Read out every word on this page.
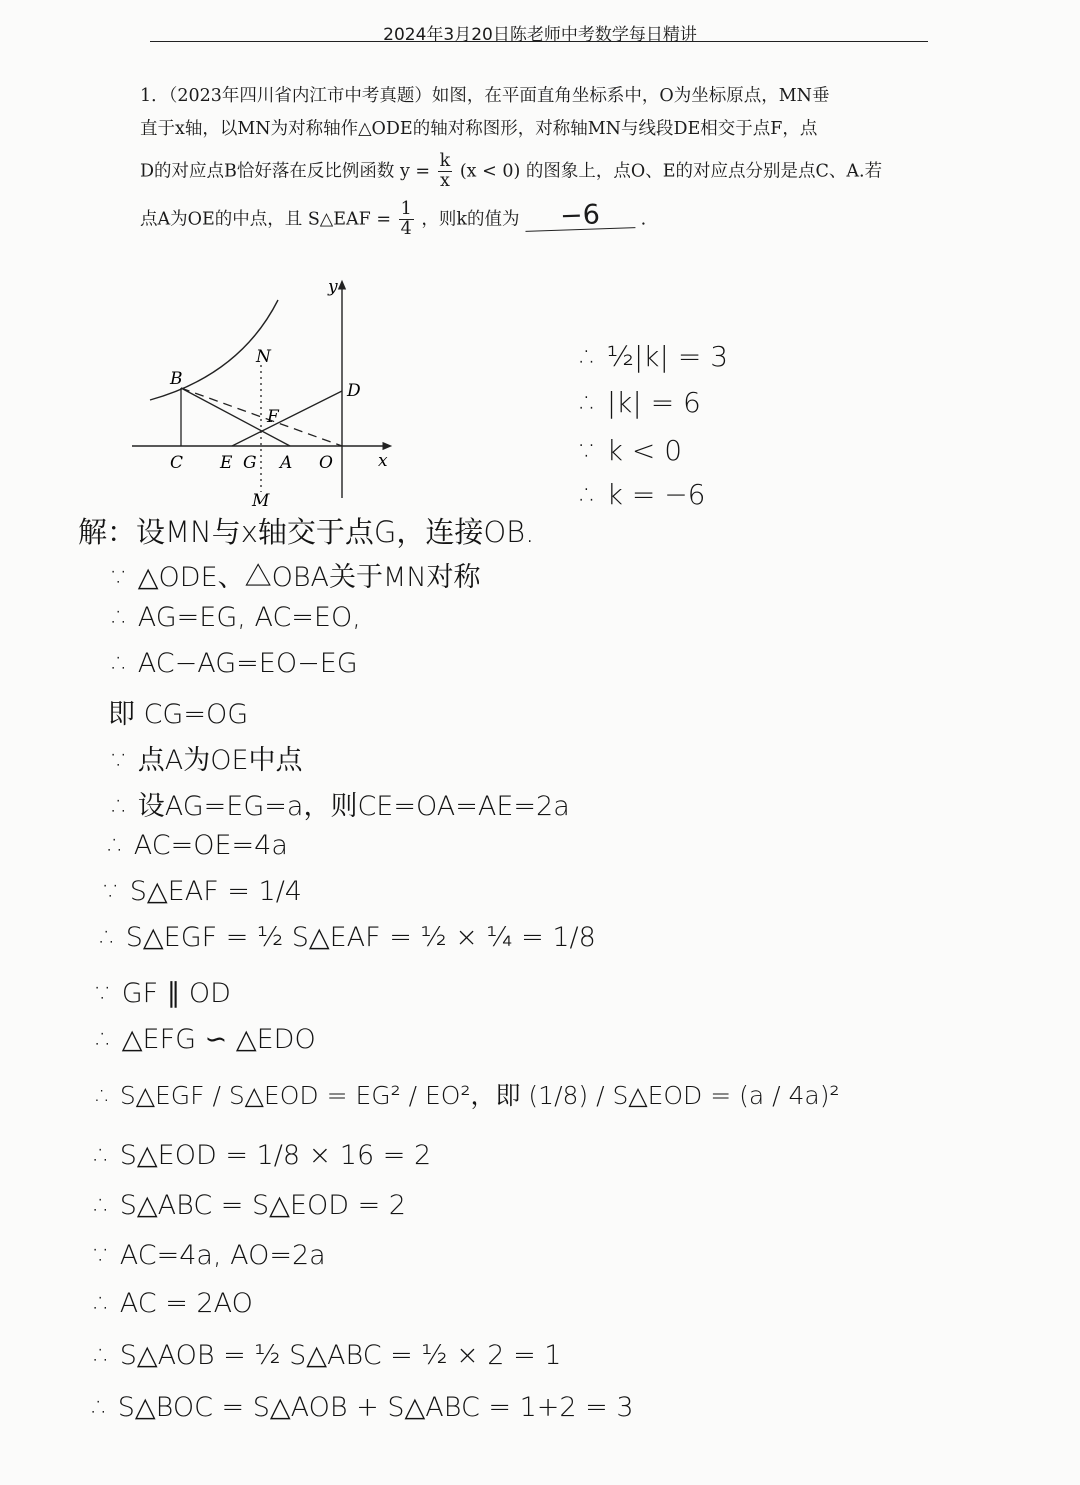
2024年3月20日陈老师中考数学每日精讲

1．（2023年四川省内江市中考真题）如图，在平面直角坐标系中，O为坐标原点，MN垂

直于x轴，以MN为对称轴作△ODE的轴对称图形，对称轴MN与线段DE相交于点F，点

D的对应点B恰好落在反比例函数 $y = \frac{k}{x} (x < 0)$ 的图象上，点O、E的对应点分别是点C、A.若

点A为OE的中点，且 S△EAF = $\frac{1}{4}$ ，则k的值为 −6 .

y
x
N
B
D
F
C E G A O
M
∴ ½|k| = 3
∴ |k| = 6
∵ k < 0
∴ k = −6
解：设MN与x轴交于点G，连接OB.
∵ △ODE、△OBA关于MN对称
∴ AG=EG, AC=EO,
∴ AC−AG=EO−EG
即 CG=OG
∵ 点A为OE中点
∴ 设AG=EG=a，则CE=OA=AE=2a
∴ AC=OE=4a
∵ S△EAF = 1/4
∴ S△EGF = ½ S△EAF = ½ × ¼ = 1/8
∵ GF ∥ OD
∴ △EFG ∽ △EDO
∴ S△EGF / S△EOD = EG² / EO²，即 (1/8) / S△EOD = (a / 4a)²
∴ S△EOD = 1/8 × 16 = 2
∴ S△ABC = S△EOD = 2
∵ AC=4a, AO=2a
∴ AC = 2AO
∴ S△AOB = ½ S△ABC = ½ × 2 = 1
∴ S△BOC = S△AOB + S△ABC = 1+2 = 3
